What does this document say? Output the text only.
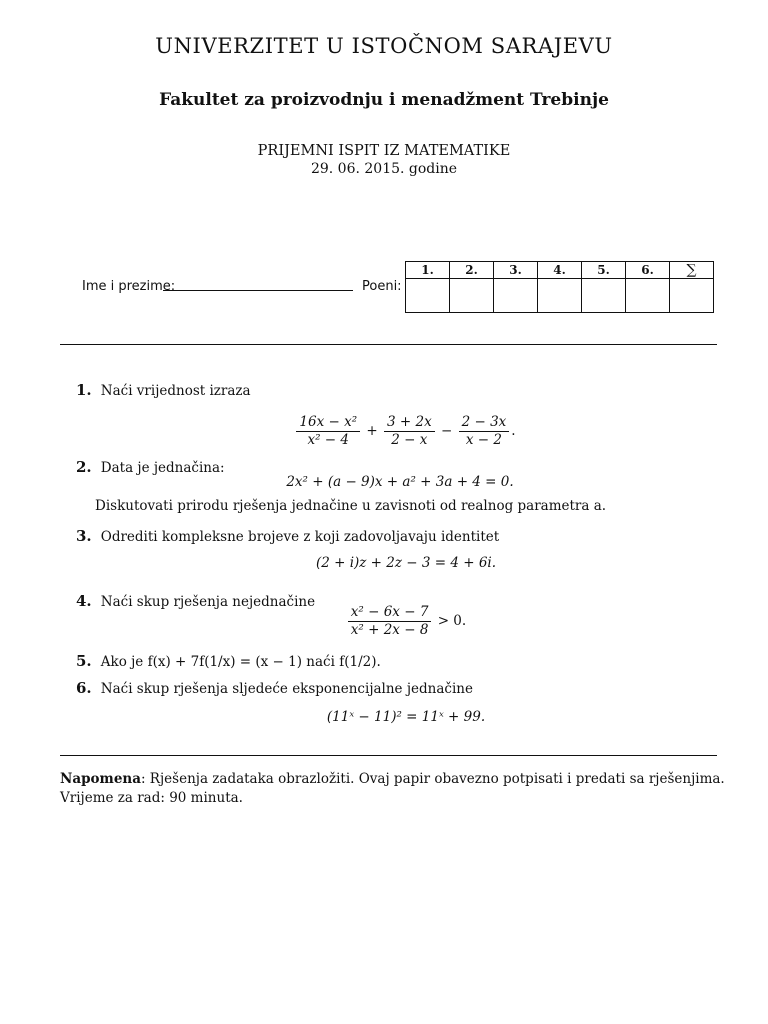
UNIVERZITET U ISTOČNOM SARAJEVU
Fakultet za proizvodnju i menadžment Trebinje
PRIJEMNI ISPIT IZ MATEMATIKE
29. 06. 2015. godine
Ime i prezime:	Poeni:
1.	2.	3.	4.	5.	6.	∑

1. Naći vrijednost izraza
$\frac{\text{16x − x²}}{\text{x² − 4}} + \frac{3 + 2x}{2 - x} - \frac{2 - 3x}{x - 2}$ .
2. Data je jednačina:
2x² + (a − 9)x + a² + 3a + 4 = 0.
Diskutovati prirodu rješenja jednačine u zavisnoti od realnog parametra a.
3. Odrediti kompleksne brojeve z koji zadovoljavaju identitet
(2 + i)z + 2z − 3 = 4 + 6i.
4. Naći skup rješenja nejednačine
$\frac{\text{x² − 6x − 7}}{\text{x² + 2x − 8}} > 0$.
5. Ako je f(x) + 7f(1/x) = (x − 1) naći f(1/2).
6. Naći skup rješenja sljedeće eksponencijalne jednačine
(11ˣ − 11)² = 11ˣ + 99.
Napomena: Rješenja zadataka obrazložiti. Ovaj papir obavezno potpisati i predati sa rješenjima.
Vrijeme za rad: 90 minuta.
